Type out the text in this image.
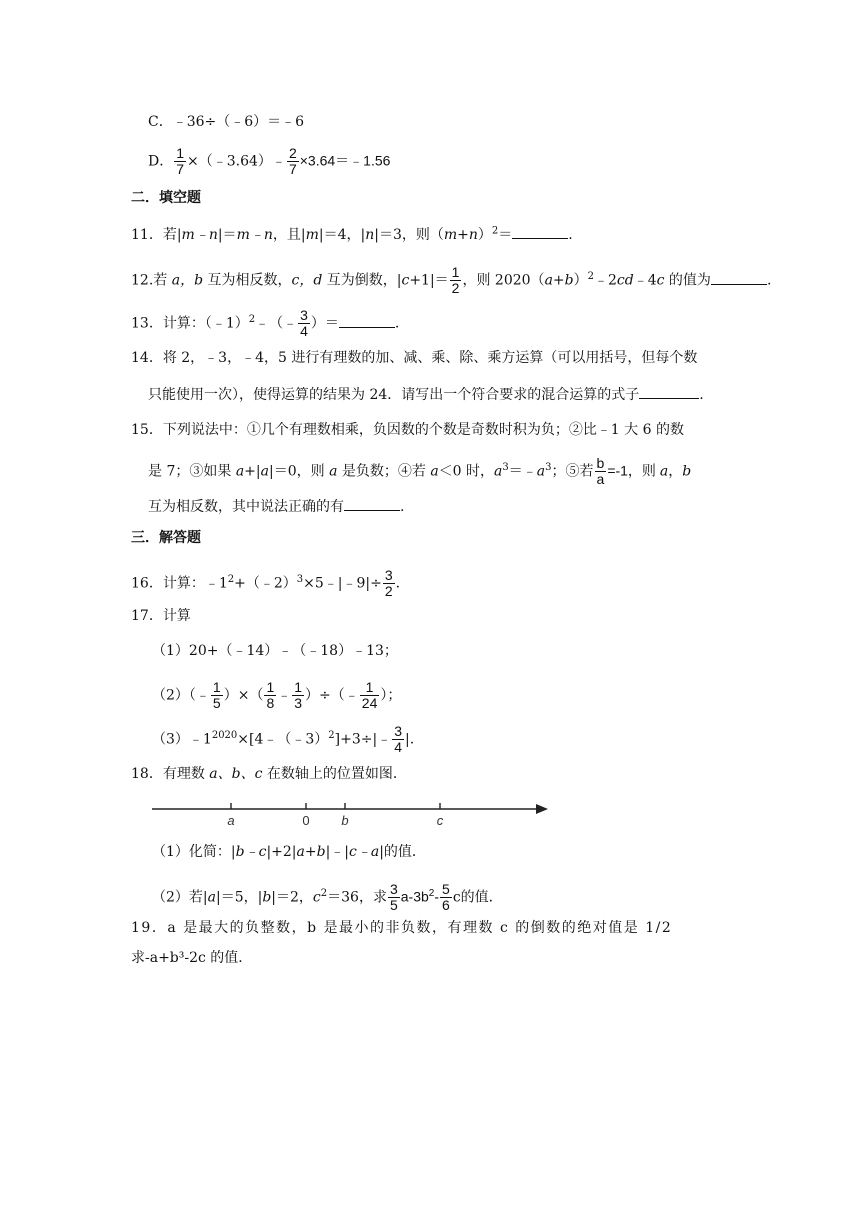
C．﹣36÷（﹣6）＝﹣6
D． $\frac{1}{7}$ ×（﹣3.64）﹣ $\frac{2}{7}$ ×3.64＝﹣1.56
二．填空题
11．若|m﹣n|＝m﹣n，且|m|＝4，|n|＝3，则$(m+n)^2=$	.
12.若 a，b 互为相反数，c，d 互为倒数，$|c+1|= \frac{1}{2}$ ，则 $2020(a+b)^2﹣2cd﹣4c$ 的值为	.
13．计算：（﹣1）$^2$﹣（﹣ $\frac{3}{4}$ ）＝	.
14．将 2，﹣3，﹣4，5 进行有理数的加、减、乘、除、乘方运算（可以用括号，但每个数
只能使用一次），使得运算的结果为 24．请写出一个符合要求的混合运算的式子	.
15．下列说法中：①几个有理数相乘，负因数的个数是奇数时积为负；②比﹣1 大 6 的数
是 7；③如果 a+|a|＝0，则 a 是负数；④若 a＜0 时，$a^3=﹣a^3$；⑤若 $\frac{b}{a} =-1$，则 a，b
互为相反数，其中说法正确的有	.
三．解答题
16．计算：$﹣1^2+(﹣2)^3\times 5﹣|﹣9|\div \frac{3}{2}$ .
17．计算
（1）20+（﹣14）﹣（﹣18）﹣13；
（2）（﹣ $\frac{1}{5}$ ）×（ $\frac{1}{8}$ ﹣ $\frac{1}{3}$ ）÷（﹣ $\frac{1}{24}$ ）；
$(3)﹣1^{2020}\times[4﹣(﹣3)^2]+3\div|﹣ \frac{3}{4}$ |.
18．有理数 a、b、c 在数轴上的位置如图．
a	0 b	c
（1）化简：|b﹣c|+2|a+b|﹣|c﹣a|的值．
（2）若|a|＝5，|b|＝2，$c^2=36$，求 $\frac{3}{5} a-3b^2- \frac{5}{6}$ c的值．
19．a 是最大的负整数，b 是最小的非负数，有理数 c 的倒数的绝对值是 1/2
求-a+b³-2c 的值．
